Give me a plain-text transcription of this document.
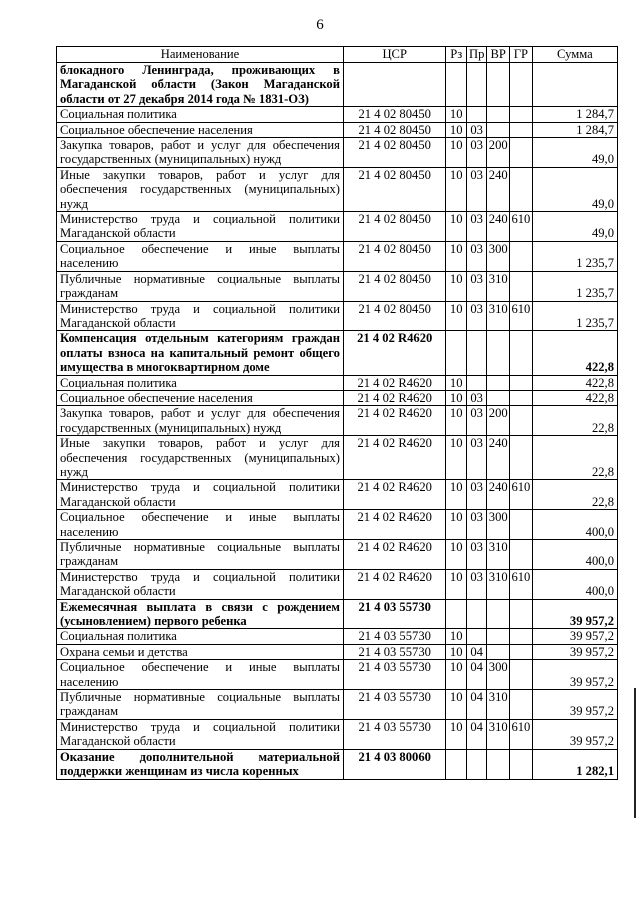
6
Наименование	ЦСР	Рз	Пр	ВР	ГР	Сумма
блокадного Ленинграда, проживающих в Магаданской области (Закон Магаданской области от 27 декабря 2014 года № 1831-ОЗ)						
Социальная политика	21 4 02 80450	10				1 284,7
Социальное обеспечение населения	21 4 02 80450	10	03			1 284,7
Закупка товаров, работ и услуг для обеспечения государственных (муниципальных) нужд	21 4 02 80450	10	03	200		49,0
Иные закупки товаров, работ и услуг для обеспечения государственных (муниципальных) нужд	21 4 02 80450	10	03	240		49,0
Министерство труда и социальной политики Магаданской области	21 4 02 80450	10	03	240	610	49,0
Социальное обеспечение и иные выплаты населению	21 4 02 80450	10	03	300		1 235,7
Публичные нормативные социальные выплаты гражданам	21 4 02 80450	10	03	310		1 235,7
Министерство труда и социальной политики Магаданской области	21 4 02 80450	10	03	310	610	1 235,7
Компенсация отдельным категориям граждан оплаты взноса на капитальный ремонт общего имущества в многоквартирном доме	21 4 02 R4620					422,8
Социальная политика	21 4 02 R4620	10				422,8
Социальное обеспечение населения	21 4 02 R4620	10	03			422,8
Закупка товаров, работ и услуг для обеспечения государственных (муниципальных) нужд	21 4 02 R4620	10	03	200		22,8
Иные закупки товаров, работ и услуг для обеспечения государственных (муниципальных) нужд	21 4 02 R4620	10	03	240		22,8
Министерство труда и социальной политики Магаданской области	21 4 02 R4620	10	03	240	610	22,8
Социальное обеспечение и иные выплаты населению	21 4 02 R4620	10	03	300		400,0
Публичные нормативные социальные выплаты гражданам	21 4 02 R4620	10	03	310		400,0
Министерство труда и социальной политики Магаданской области	21 4 02 R4620	10	03	310	610	400,0
Ежемесячная выплата в связи с рождением (усыновлением) первого ребенка	21 4 03 55730					39 957,2
Социальная политика	21 4 03 55730	10				39 957,2
Охрана семьи и детства	21 4 03 55730	10	04			39 957,2
Социальное обеспечение и иные выплаты населению	21 4 03 55730	10	04	300		39 957,2
Публичные нормативные социальные выплаты гражданам	21 4 03 55730	10	04	310		39 957,2
Министерство труда и социальной политики Магаданской области	21 4 03 55730	10	04	310	610	39 957,2
Оказание дополнительной материальной поддержки женщинам из числа коренных	21 4 03 80060					1 282,1
